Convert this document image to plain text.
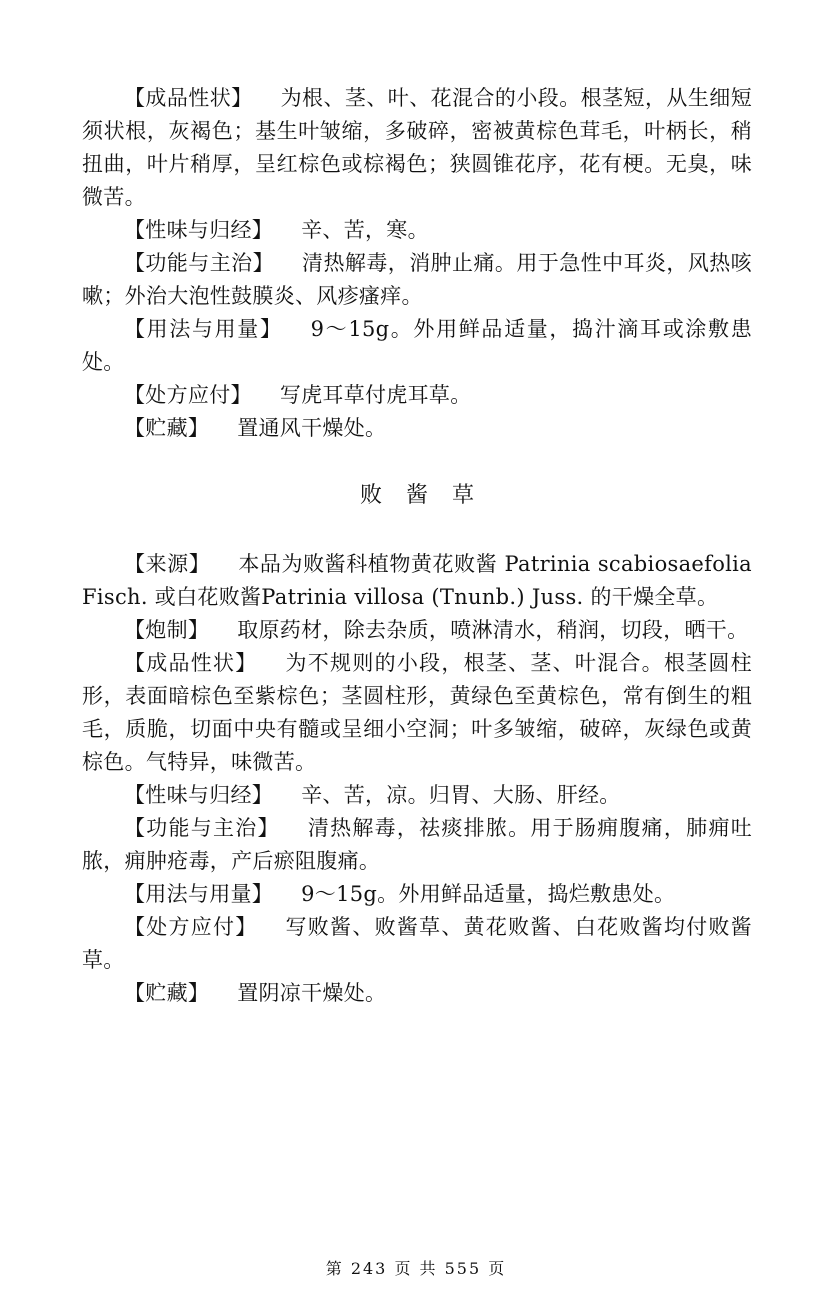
【成品性状】 为根、茎、叶、花混合的小段。根茎短，从生细短须状根，灰褐色；基生叶皱缩，多破碎，密被黄棕色茸毛，叶柄长，稍扭曲，叶片稍厚，呈红棕色或棕褐色；狭圆锥花序，花有梗。无臭，味微苦。

【性味与归经】 辛、苦，寒。

【功能与主治】 清热解毒，消肿止痛。用于急性中耳炎，风热咳嗽；外治大泡性鼓膜炎、风疹瘙痒。

【用法与用量】 9～15g。外用鲜品适量，捣汁滴耳或涂敷患处。

【处方应付】 写虎耳草付虎耳草。

【贮藏】 置通风干燥处。

败酱草

【来源】 本品为败酱科植物黄花败酱 Patrinia scabiosaefolia Fisch. 或白花败酱Patrinia villosa (Tnunb.) Juss. 的干燥全草。

【炮制】 取原药材，除去杂质，喷淋清水，稍润，切段，晒干。

【成品性状】 为不规则的小段，根茎、茎、叶混合。根茎圆柱形，表面暗棕色至紫棕色；茎圆柱形，黄绿色至黄棕色，常有倒生的粗毛，质脆，切面中央有髓或呈细小空洞；叶多皱缩，破碎，灰绿色或黄棕色。气特异，味微苦。

【性味与归经】 辛、苦，凉。归胃、大肠、肝经。

【功能与主治】 清热解毒，祛痰排脓。用于肠痈腹痛，肺痈吐脓，痈肿疮毒，产后瘀阻腹痛。

【用法与用量】 9～15g。外用鲜品适量，捣烂敷患处。

【处方应付】 写败酱、败酱草、黄花败酱、白花败酱均付败酱草。

【贮藏】 置阴凉干燥处。

第 243 页 共 555 页
